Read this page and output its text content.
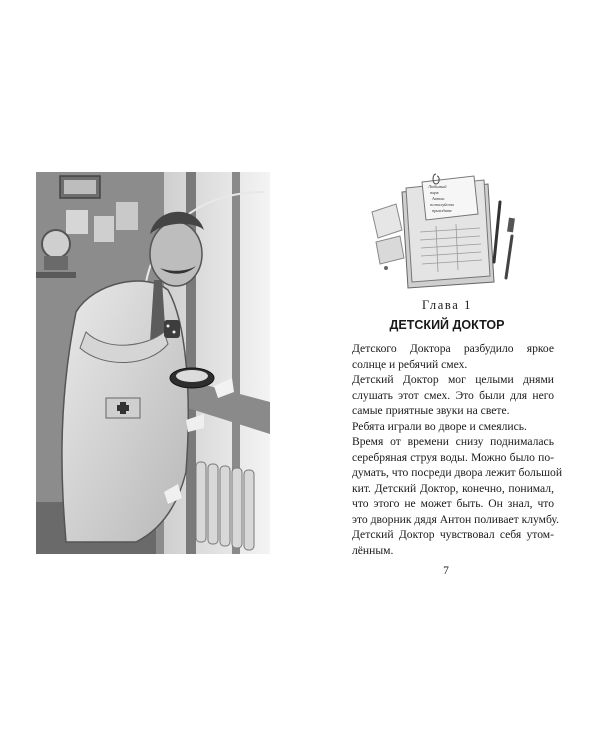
Любимый
парк
Антон
пожалуйста
приходите
Глава 1
ДЕТСКИЙ ДОКТОР

Детского Доктора разбудило яркое
солнце и ребячий смех.

Детский Доктор мог целыми днями
слушать этот смех. Это были для него
самые приятные звуки на свете.

Ребята играли во дворе и смеялись.

Время от времени снизу поднималась
серебряная струя воды. Можно было по-
думать, что посреди двора лежит большой
кит. Детский Доктор, конечно, понимал,
что этого не может быть. Он знал, что
это дворник дядя Антон поливает клумбу.

Детский Доктор чувствовал себя утом-
лённым.

7
